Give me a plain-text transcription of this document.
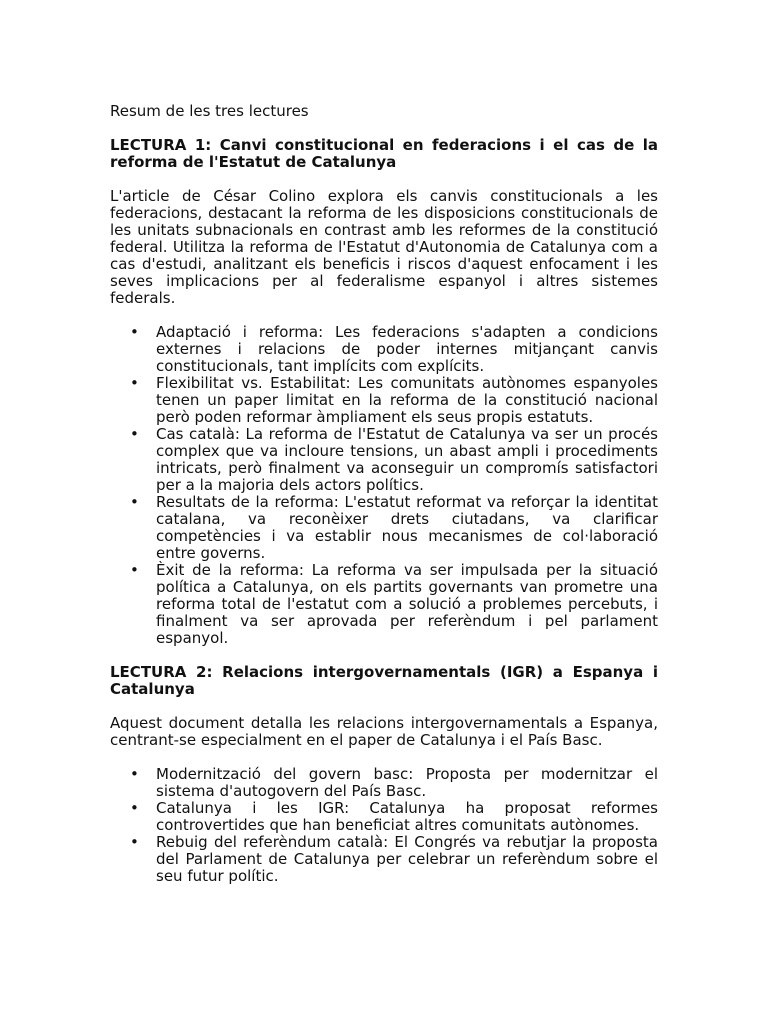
Resum de les tres lectures

LECTURA 1: Canvi constitucional en federacions i el cas de la reforma de l'Estatut de Catalunya

L'article de César Colino explora els canvis constitucionals a les federacions, destacant la reforma de les disposicions constitucionals de les unitats subnacionals en contrast amb les reformes de la constitució federal. Utilitza la reforma de l'Estatut d'Autonomia de Catalunya com a cas d'estudi, analitzant els beneficis i riscos d'aquest enfocament i les seves implicacions per al federalisme espanyol i altres sistemes federals.

• Adaptació i reforma: Les federacions s'adapten a condicions externes i relacions de poder internes mitjançant canvis constitucionals, tant implícits com explícits.
• Flexibilitat vs. Estabilitat: Les comunitats autònomes espanyoles tenen un paper limitat en la reforma de la constitució nacional però poden reformar àmpliament els seus propis estatuts.
• Cas català: La reforma de l'Estatut de Catalunya va ser un procés complex que va incloure tensions, un abast ampli i procediments intricats, però finalment va aconseguir un compromís satisfactori per a la majoria dels actors polítics.
• Resultats de la reforma: L'estatut reformat va reforçar la identitat catalana, va reconèixer drets ciutadans, va clarificar competències i va establir nous mecanismes de col·laboració entre governs.
• Èxit de la reforma: La reforma va ser impulsada per la situació política a Catalunya, on els partits governants van prometre una reforma total de l'estatut com a solució a problemes percebuts, i finalment va ser aprovada per referèndum i pel parlament espanyol.

LECTURA 2: Relacions intergovernamentals (IGR) a Espanya i Catalunya

Aquest document detalla les relacions intergovernamentals a Espanya, centrant-se especialment en el paper de Catalunya i el País Basc.

• Modernització del govern basc: Proposta per modernitzar el sistema d'autogovern del País Basc.
• Catalunya i les IGR: Catalunya ha proposat reformes controvertides que han beneficiat altres comunitats autònomes.
• Rebuig del referèndum català: El Congrés va rebutjar la proposta del Parlament de Catalunya per celebrar un referèndum sobre el seu futur polític.
